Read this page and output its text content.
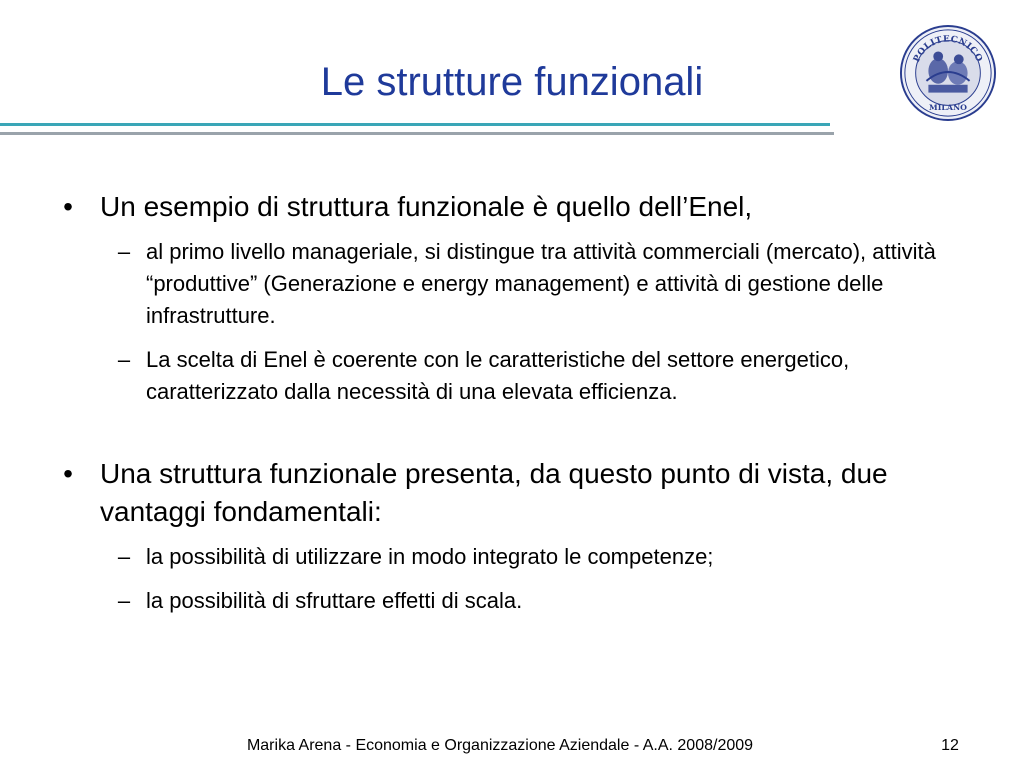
Le strutture funzionali
POLITECNICO
MILANO
• Un esempio di struttura funzionale è quello dell’Enel,
– al primo livello manageriale, si distingue tra attività commerciali (mercato), attività “produttive” (Generazione e energy management) e attività di gestione delle infrastrutture.
– La scelta di Enel è coerente con le caratteristiche del settore energetico, caratterizzato dalla necessità di una elevata efficienza.
• Una struttura funzionale presenta, da questo punto di vista, due vantaggi fondamentali:
– la possibilità di utilizzare in modo integrato le competenze;
– la possibilità di sfruttare effetti di scala.
Marika Arena - Economia e Organizzazione Aziendale - A.A. 2008/2009	12
